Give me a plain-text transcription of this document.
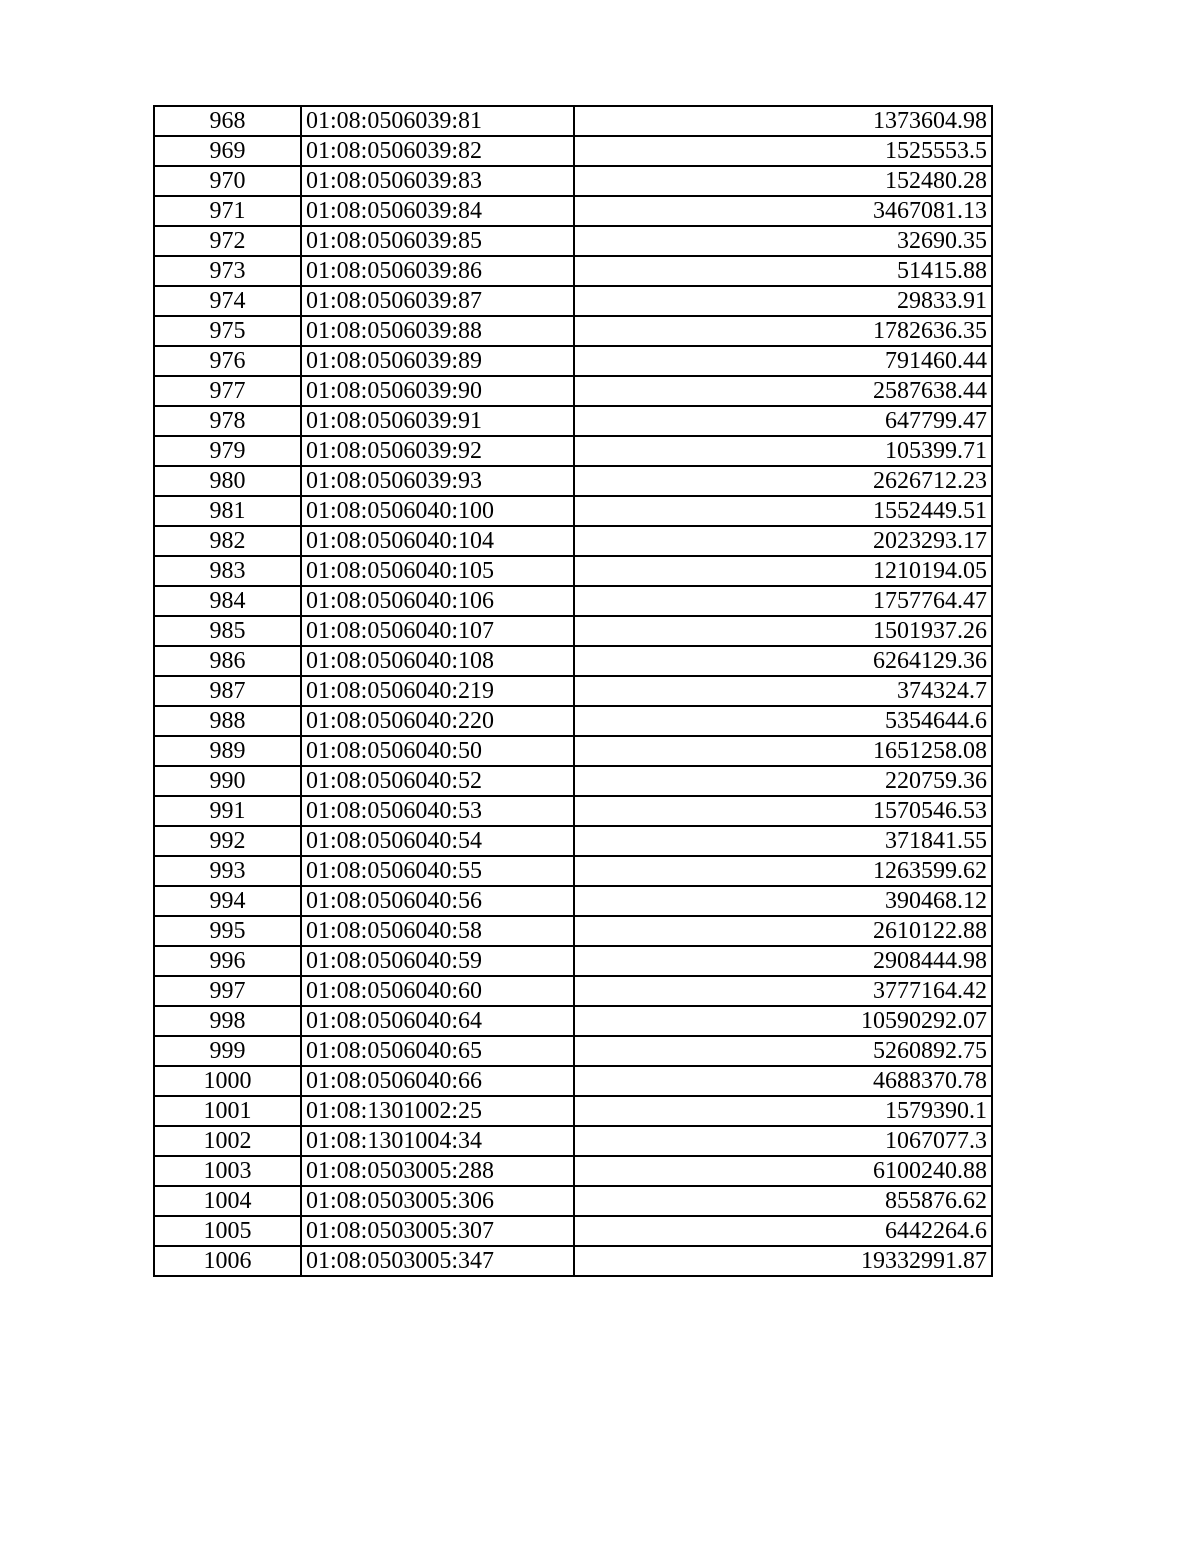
968	01:08:0506039:81	1373604.98
969	01:08:0506039:82	1525553.5
970	01:08:0506039:83	152480.28
971	01:08:0506039:84	3467081.13
972	01:08:0506039:85	32690.35
973	01:08:0506039:86	51415.88
974	01:08:0506039:87	29833.91
975	01:08:0506039:88	1782636.35
976	01:08:0506039:89	791460.44
977	01:08:0506039:90	2587638.44
978	01:08:0506039:91	647799.47
979	01:08:0506039:92	105399.71
980	01:08:0506039:93	2626712.23
981	01:08:0506040:100	1552449.51
982	01:08:0506040:104	2023293.17
983	01:08:0506040:105	1210194.05
984	01:08:0506040:106	1757764.47
985	01:08:0506040:107	1501937.26
986	01:08:0506040:108	6264129.36
987	01:08:0506040:219	374324.7
988	01:08:0506040:220	5354644.6
989	01:08:0506040:50	1651258.08
990	01:08:0506040:52	220759.36
991	01:08:0506040:53	1570546.53
992	01:08:0506040:54	371841.55
993	01:08:0506040:55	1263599.62
994	01:08:0506040:56	390468.12
995	01:08:0506040:58	2610122.88
996	01:08:0506040:59	2908444.98
997	01:08:0506040:60	3777164.42
998	01:08:0506040:64	10590292.07
999	01:08:0506040:65	5260892.75
1000	01:08:0506040:66	4688370.78
1001	01:08:1301002:25	1579390.1
1002	01:08:1301004:34	1067077.3
1003	01:08:0503005:288	6100240.88
1004	01:08:0503005:306	855876.62
1005	01:08:0503005:307	6442264.6
1006	01:08:0503005:347	19332991.87
